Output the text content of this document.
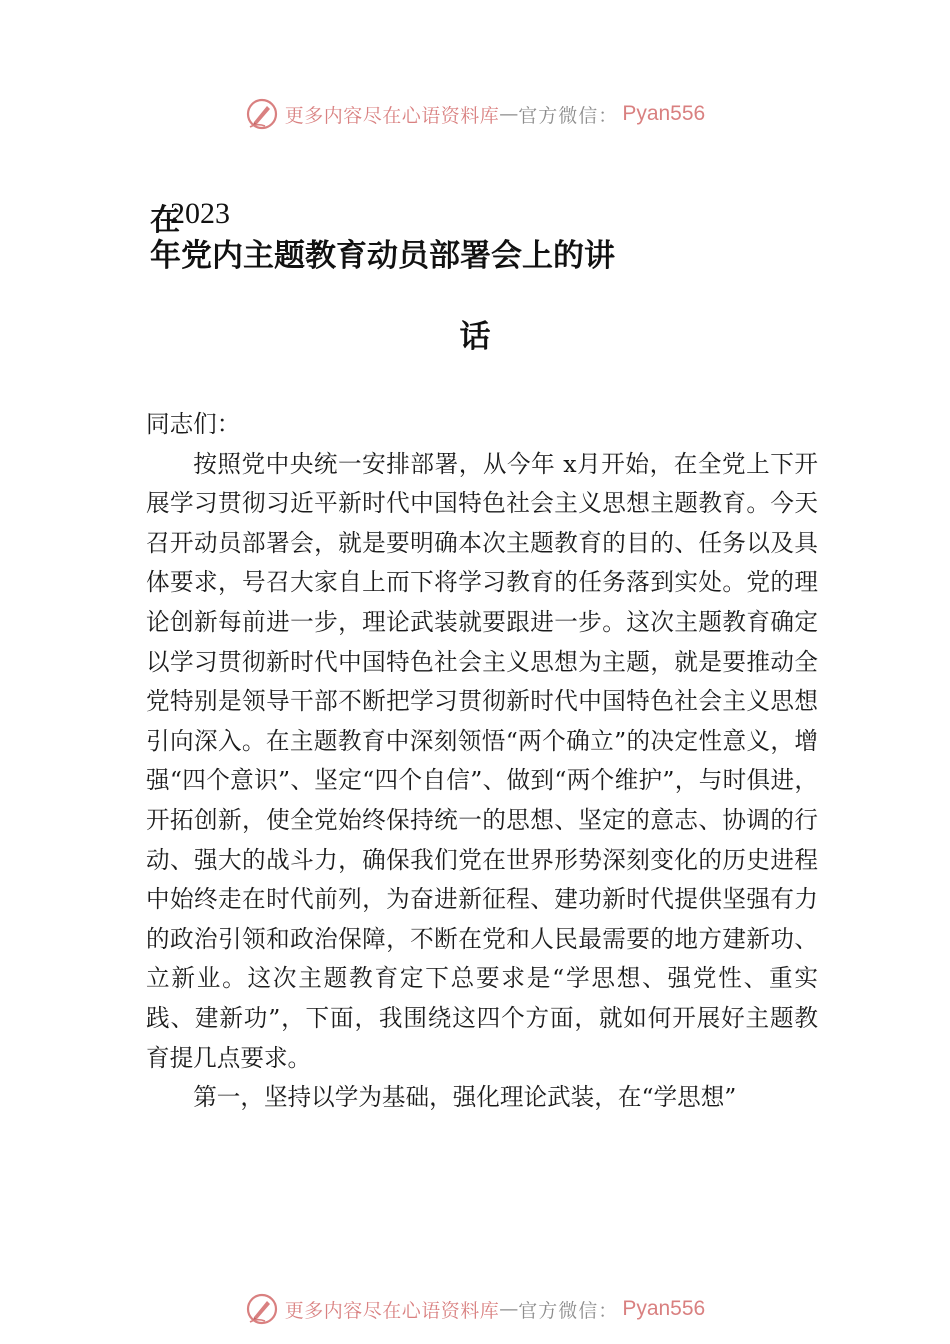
更多内容尽在心语资料库 — 官方微信： Pyan556
在
2023
年党内主题教育动员部署会上的讲
话

同志们：

按照党中央统一安排部署，从今年 x月开始，在全党上下开展学习贯彻习近平新时代中国特色社会主义思想主题教育。今天召开动员部署会，就是要明确本次主题教育的目的、任务以及具体要求，号召大家自上而下将学习教育的任务落到实处。党的理论创新每前进一步，理论武装就要跟进一步。这次主题教育确定以学习贯彻新时代中国特色社会主义思想为主题，就是要推动全党特别是领导干部不断把学习贯彻新时代中国特色社会主义思想引向深入。在主题教育中深刻领悟“两个确立”的决定性意义，增强“四个意识”、坚定“四个自信”、做到“两个维护”，与时俱进，开拓创新，使全党始终保持统一的思想、坚定的意志、协调的行动、强大的战斗力，确保我们党在世界形势深刻变化的历史进程中始终走在时代前列，为奋进新征程、建功新时代提供坚强有力的政治引领和政治保障，不断在党和人民最需要的地方建新功、立新业。这次主题教育定下总要求是“学思想、强党性、重实践、建新功”，下面，我围绕这四个方面，就如何开展好主题教育提几点要求。

第一，坚持以学为基础，强化理论武装，在“学思想”

更多内容尽在心语资料库 — 官方微信： Pyan556
